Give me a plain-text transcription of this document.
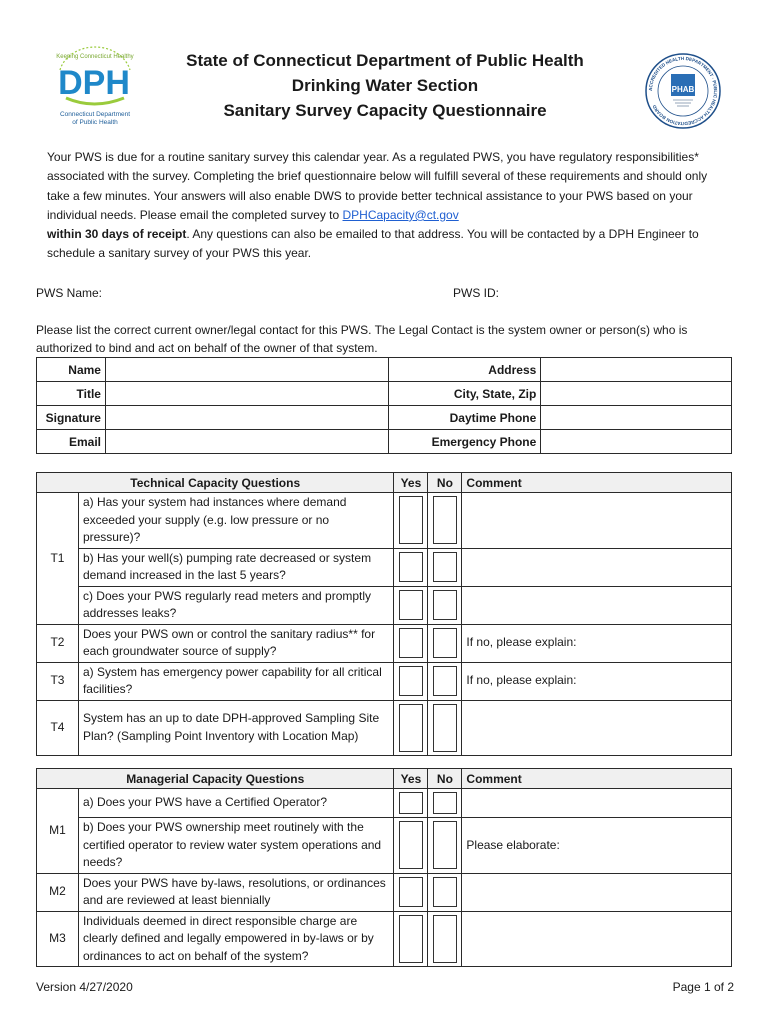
Keeping Connecticut Healthy
DPH
Connecticut Department
of Public Health
ACCREDITED HEALTH DEPARTMENT · PUBLIC HEALTH ACCREDITATION BOARD
PHAB
State of Connecticut Department of Public Health
Drinking Water Section
Sanitary Survey Capacity Questionnaire
Your PWS is due for a routine sanitary survey this calendar year. As a regulated PWS, you have regulatory responsibilities* associated with the survey. Completing the brief questionnaire below will fulfill several of these requirements and should only take a few minutes. Your answers will also enable DWS to provide better technical assistance to your PWS based on your individual needs. Please email the completed survey to DPHCapacity@ct.gov
within 30 days of receipt. Any questions can also be emailed to that address. You will be contacted by a DPH Engineer to schedule a sanitary survey of your PWS this year.
PWS Name:	PWS ID:
Please list the correct current owner/legal contact for this PWS. The Legal Contact is the system owner or person(s) who is authorized to bind and act on behalf of the owner of that system.
Name		Address	
Title		City, State, Zip	
Signature		Daytime Phone	
Email		Emergency Phone	
Technical Capacity Questions		Yes	No	Comment
T1	a) Has your system had instances where demand exceeded your supply (e.g. low pressure or no pressure)?	

	b) Has your well(s) pumping rate decreased or system demand increased in the last 5 years?	

	c) Does your PWS regularly read meters and promptly addresses leaks?	

T2	Does your PWS own or control the sanitary radius** for each groundwater source of supply?			If no, please explain:
T3	a) System has emergency power capability for all critical facilities?			If no, please explain:
T4	System has an up to date DPH-approved Sampling Site Plan? (Sampling Point Inventory with Location Map)	

Managerial Capacity Questions		Yes	No	Comment
M1	a) Does your PWS have a Certified Operator?	

	b) Does your PWS ownership meet routinely with the certified operator to review water system operations and needs?			Please elaborate:
M2	Does your PWS have by-laws, resolutions, or ordinances and are reviewed at least biennially	

M3	Individuals deemed in direct responsible charge are clearly defined and legally empowered in by-laws or by ordinances to act on behalf of the system?	

Version 4/27/2020	Page 1 of 2
